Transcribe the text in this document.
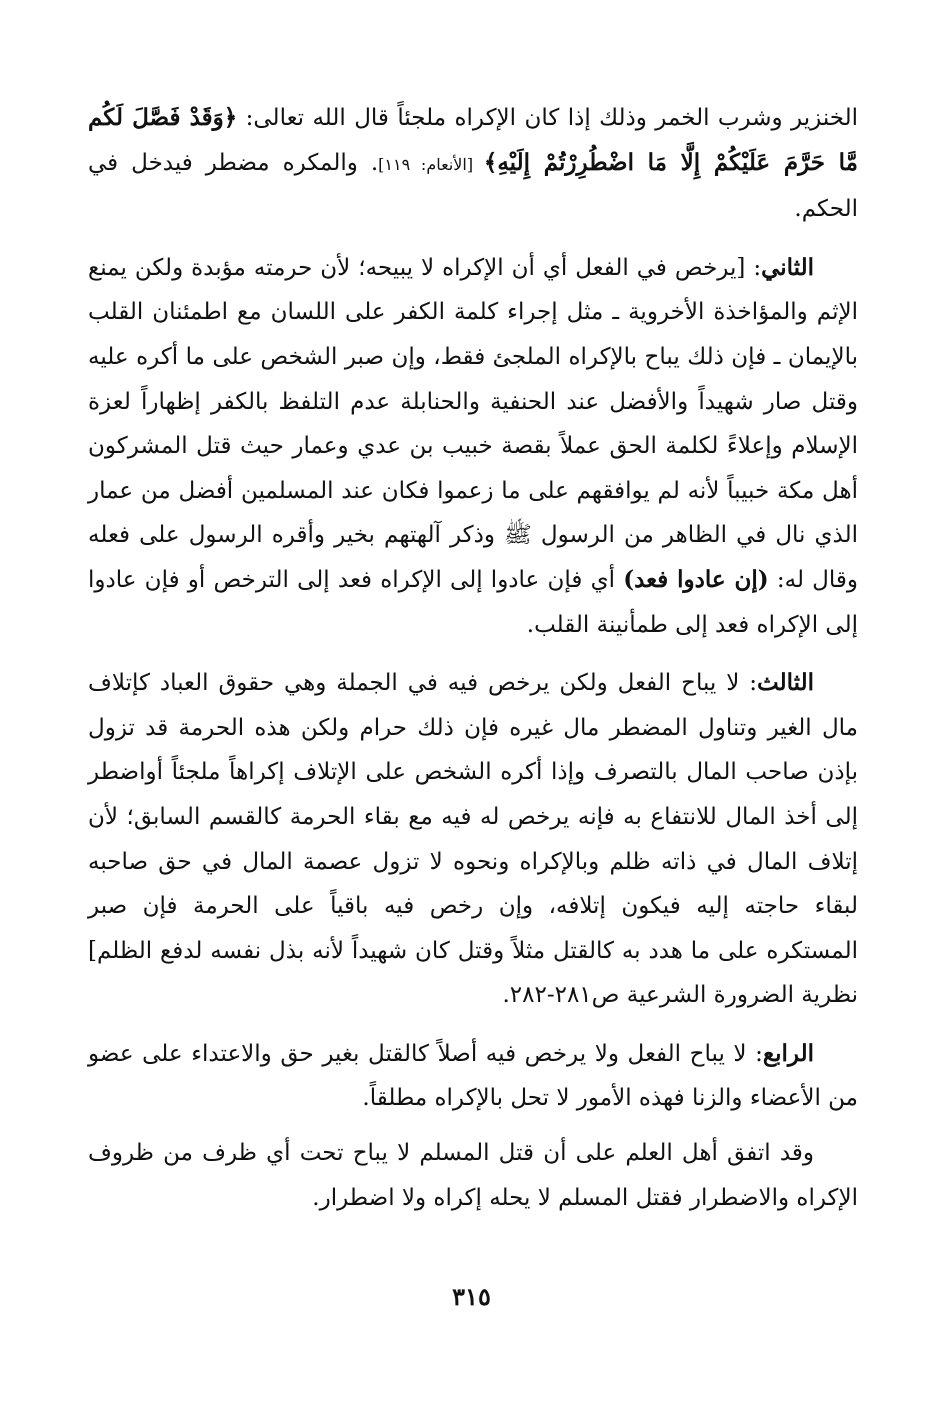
الخنزير وشرب الخمر وذلك إذا كان الإكراه ملجئاً قال الله تعالى: ﴿وَقَدْ فَصَّلَ لَكُم مَّا حَرَّمَ عَلَيْكُمْ إِلَّا مَا اضْطُرِرْتُمْ إِلَيْهِ﴾ [الأنعام: ١١٩]. والمكره مضطر فيدخل في الحكم.

الثاني: [يرخص في الفعل أي أن الإكراه لا يبيحه؛ لأن حرمته مؤبدة ولكن يمنع الإثم والمؤاخذة الأخروية ـ مثل إجراء كلمة الكفر على اللسان مع اطمئنان القلب بالإيمان ـ فإن ذلك يباح بالإكراه الملجئ فقط، وإن صبر الشخص على ما أكره عليه وقتل صار شهيداً والأفضل عند الحنفية والحنابلة عدم التلفظ بالكفر إظهاراً لعزة الإسلام وإعلاءً لكلمة الحق عملاً بقصة خبيب بن عدي وعمار حيث قتل المشركون أهل مكة خبيباً لأنه لم يوافقهم على ما زعموا فكان عند المسلمين أفضل من عمار الذي نال في الظاهر من الرسول ﷺ وذكر آلهتهم بخير وأقره الرسول على فعله وقال له: (إن عادوا فعد) أي فإن عادوا إلى الإكراه فعد إلى الترخص أو فإن عادوا إلى الإكراه فعد إلى طمأنينة القلب.

الثالث: لا يباح الفعل ولكن يرخص فيه في الجملة وهي حقوق العباد كإتلاف مال الغير وتناول المضطر مال غيره فإن ذلك حرام ولكن هذه الحرمة قد تزول بإذن صاحب المال بالتصرف وإذا أكره الشخص على الإتلاف إكراهاً ملجئاً أواضطر إلى أخذ المال للانتفاع به فإنه يرخص له فيه مع بقاء الحرمة كالقسم السابق؛ لأن إتلاف المال في ذاته ظلم وبالإكراه ونحوه لا تزول عصمة المال في حق صاحبه لبقاء حاجته إليه فيكون إتلافه، وإن رخص فيه باقياً على الحرمة فإن صبر المستكره على ما هدد به كالقتل مثلاً وقتل كان شهيداً لأنه بذل نفسه لدفع الظلم] نظرية الضرورة الشرعية ص٢٨١-٢٨٢.

الرابع: لا يباح الفعل ولا يرخص فيه أصلاً كالقتل بغير حق والاعتداء على عضو من الأعضاء والزنا فهذه الأمور لا تحل بالإكراه مطلقاً.

وقد اتفق أهل العلم على أن قتل المسلم لا يباح تحت أي ظرف من ظروف الإكراه والاضطرار فقتل المسلم لا يحله إكراه ولا اضطرار.

٣١٥
